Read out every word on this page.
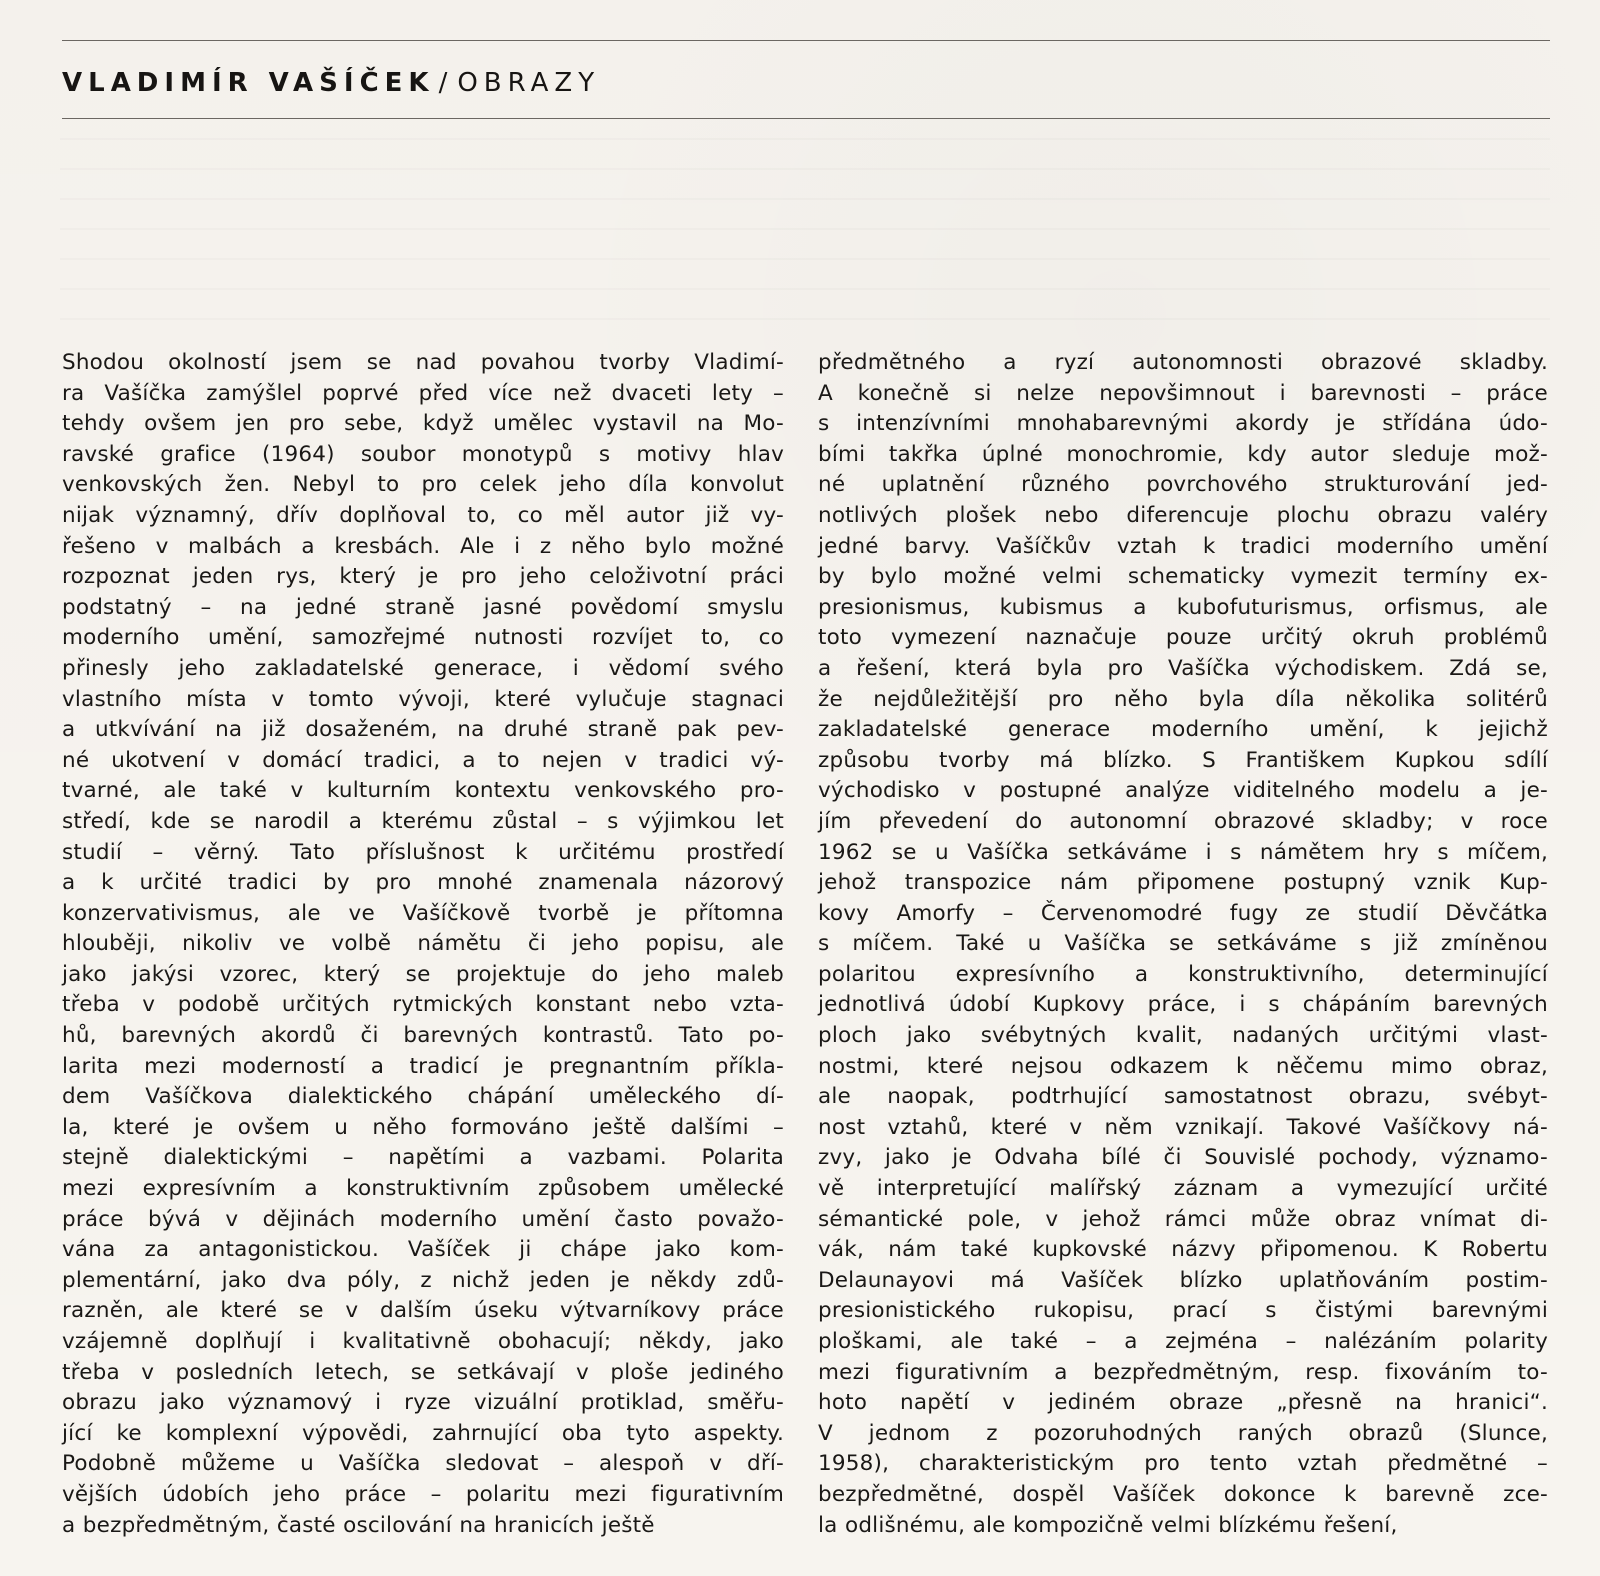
VLADIMÍR VAŠÍČEK / OBRAZY
Shodou okolností jsem se nad povahou tvorby Vladimí-
ra Vašíčka zamýšlel poprvé před více než dvaceti lety –
tehdy ovšem jen pro sebe, když umělec vystavil na Mo-
ravské grafice (1964) soubor monotypů s motivy hlav
venkovských žen. Nebyl to pro celek jeho díla konvolut
nijak významný, dřív doplňoval to, co měl autor již vy-
řešeno v malbách a kresbách. Ale i z něho bylo možné
rozpoznat jeden rys, který je pro jeho celoživotní práci
podstatný – na jedné straně jasné povědomí smyslu
moderního umění, samozřejmé nutnosti rozvíjet to, co
přinesly jeho zakladatelské generace, i vědomí svého
vlastního místa v tomto vývoji, které vylučuje stagnaci
a utkvívání na již dosaženém, na druhé straně pak pev-
né ukotvení v domácí tradici, a to nejen v tradici vý-
tvarné, ale také v kulturním kontextu venkovského pro-
středí, kde se narodil a kterému zůstal – s výjimkou let
studií – věrný. Tato příslušnost k určitému prostředí
a k určité tradici by pro mnohé znamenala názorový
konzervativismus, ale ve Vašíčkově tvorbě je přítomna
hlouběji, nikoliv ve volbě námětu či jeho popisu, ale
jako jakýsi vzorec, který se projektuje do jeho maleb
třeba v podobě určitých rytmických konstant nebo vzta-
hů, barevných akordů či barevných kontrastů. Tato po-
larita mezi moderností a tradicí je pregnantním příkla-
dem Vašíčkova dialektického chápání uměleckého dí-
la, které je ovšem u něho formováno ještě dalšími –
stejně dialektickými – napětími a vazbami. Polarita
mezi expresívním a konstruktivním způsobem umělecké
práce bývá v dějinách moderního umění často považo-
vána za antagonistickou. Vašíček ji chápe jako kom-
plementární, jako dva póly, z nichž jeden je někdy zdů-
razněn, ale které se v dalším úseku výtvarníkovy práce
vzájemně doplňují i kvalitativně obohacují; někdy, jako
třeba v posledních letech, se setkávají v ploše jediného
obrazu jako významový i ryze vizuální protiklad, směřu-
jící ke komplexní výpovědi, zahrnující oba tyto aspekty.
Podobně můžeme u Vašíčka sledovat – alespoň v dří-
vějších údobích jeho práce – polaritu mezi figurativním
a bezpředmětným, časté oscilování na hranicích ještě
předmětného a ryzí autonomnosti obrazové skladby.
A konečně si nelze nepovšimnout i barevnosti – práce
s intenzívními mnohabarevnými akordy je střídána údo-
bími takřka úplné monochromie, kdy autor sleduje mož-
né uplatnění různého povrchového strukturování jed-
notlivých plošek nebo diferencuje plochu obrazu valéry
jedné barvy. Vašíčkův vztah k tradici moderního umění
by bylo možné velmi schematicky vymezit termíny ex-
presionismus, kubismus a kubofuturismus, orfismus, ale
toto vymezení naznačuje pouze určitý okruh problémů
a řešení, která byla pro Vašíčka východiskem. Zdá se,
že nejdůležitější pro něho byla díla několika solitérů
zakladatelské generace moderního umění, k jejichž
způsobu tvorby má blízko. S Františkem Kupkou sdílí
východisko v postupné analýze viditelného modelu a je-
jím převedení do autonomní obrazové skladby; v roce
1962 se u Vašíčka setkáváme i s námětem hry s míčem,
jehož transpozice nám připomene postupný vznik Kup-
kovy Amorfy – Červenomodré fugy ze studií Děvčátka
s míčem. Také u Vašíčka se setkáváme s již zmíněnou
polaritou expresívního a konstruktivního, determinující
jednotlivá údobí Kupkovy práce, i s chápáním barevných
ploch jako svébytných kvalit, nadaných určitými vlast-
nostmi, které nejsou odkazem k něčemu mimo obraz,
ale naopak, podtrhující samostatnost obrazu, svébyt-
nost vztahů, které v něm vznikají. Takové Vašíčkovy ná-
zvy, jako je Odvaha bílé či Souvislé pochody, významo-
vě interpretující malířský záznam a vymezující určité
sémantické pole, v jehož rámci může obraz vnímat di-
vák, nám také kupkovské názvy připomenou. K Robertu
Delaunayovi má Vašíček blízko uplatňováním postim-
presionistického rukopisu, prací s čistými barevnými
ploškami, ale také – a zejména – nalézáním polarity
mezi figurativním a bezpředmětným, resp. fixováním to-
hoto napětí v jediném obraze „přesně na hranici“.
V jednom z pozoruhodných raných obrazů (Slunce,
1958), charakteristickým pro tento vztah předmětné –
bezpředmětné, dospěl Vašíček dokonce k barevně zce-
la odlišnému, ale kompozičně velmi blízkému řešení,
